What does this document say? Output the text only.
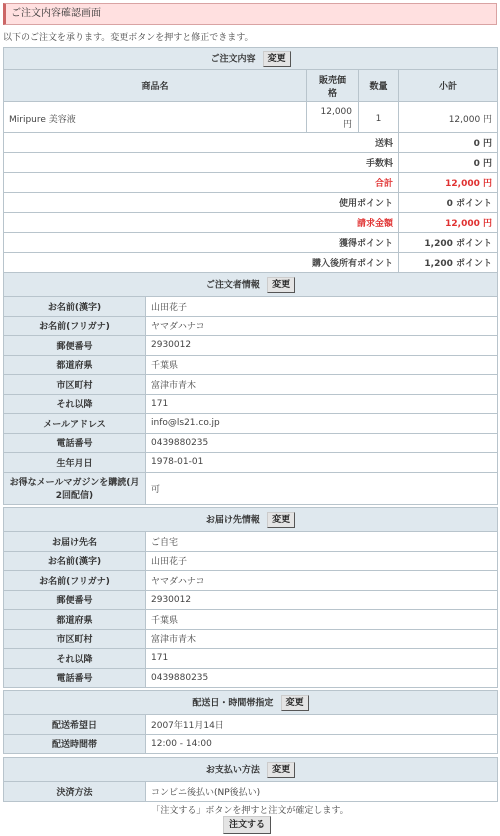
ご注文内容確認画面
以下のご注文を承ります。変更ボタンを押すと修正できます。
ご注文内容 変更			
商品名	販売価格	数量	小計
Miripure 美容液	12,000円	1	12,000 円

送料	0 円
手数料	0 円
合計	12,000 円
使用ポイント	0 ポイント
請求金額	12,000 円
獲得ポイント	1,200 ポイント
購入後所有ポイント	1,200 ポイント
ご注文者情報 変更	
お名前(漢字)	山田花子
お名前(フリガナ)	ヤマダハナコ
郵便番号	2930012
都道府県	千葉県
市区町村	富津市青木
それ以降	171
メールアドレス	info@ls21.co.jp
電話番号	0439880235
生年月日	1978-01-01
お得なメールマガジンを購読(月2回配信)	可
お届け先情報 変更	
お届け先名	ご自宅
お名前(漢字)	山田花子
お名前(フリガナ)	ヤマダハナコ
郵便番号	2930012
都道府県	千葉県
市区町村	富津市青木
それ以降	171
電話番号	0439880235
配送日・時間帯指定 変更	
配送希望日	2007年11月14日
配送時間帯	12:00 - 14:00
お支払い方法 変更
決済方法	コンビニ後払い(NP後払い)
「注文する」ボタンを押すと注文が確定します。
注文する
